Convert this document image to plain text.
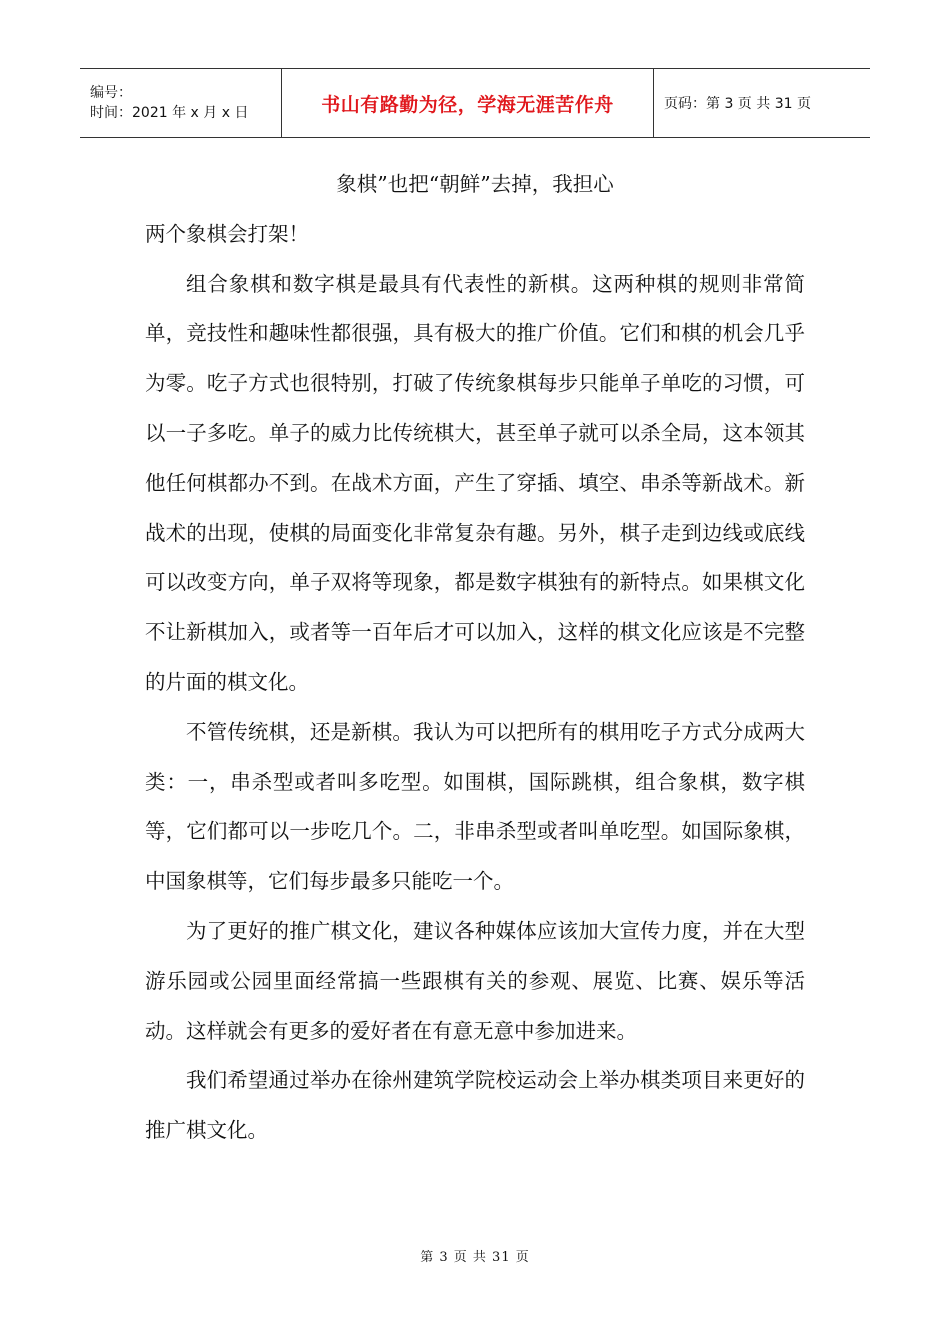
编号：
时间：2021 年 x 月 x 日	书山有路勤为径，学海无涯苦作舟	页码：第 3 页 共 31 页

象棋”也把“朝鲜”去掉，我担心

两个象棋会打架！

组合象棋和数字棋是最具有代表性的新棋。这两种棋的规则非常简单，竞技性和趣味性都很强，具有极大的推广价值。它们和棋的机会几乎为零。吃子方式也很特别，打破了传统象棋每步只能单子单吃的习惯，可以一子多吃。单子的威力比传统棋大，甚至单子就可以杀全局，这本领其他任何棋都办不到。在战术方面，产生了穿插、填空、串杀等新战术。新战术的出现，使棋的局面变化非常复杂有趣。另外，棋子走到边线或底线可以改变方向，单子双将等现象，都是数字棋独有的新特点。如果棋文化不让新棋加入，或者等一百年后才可以加入，这样的棋文化应该是不完整的片面的棋文化。

不管传统棋，还是新棋。我认为可以把所有的棋用吃子方式分成两大类：一，串杀型或者叫多吃型。如围棋，国际跳棋，组合象棋，数字棋等，它们都可以一步吃几个。二，非串杀型或者叫单吃型。如国际象棋，中国象棋等，它们每步最多只能吃一个。

为了更好的推广棋文化，建议各种媒体应该加大宣传力度，并在大型游乐园或公园里面经常搞一些跟棋有关的参观、展览、比赛、娱乐等活动。这样就会有更多的爱好者在有意无意中参加进来。

我们希望通过举办在徐州建筑学院校运动会上举办棋类项目来更好的推广棋文化。

第 3 页 共 31 页
